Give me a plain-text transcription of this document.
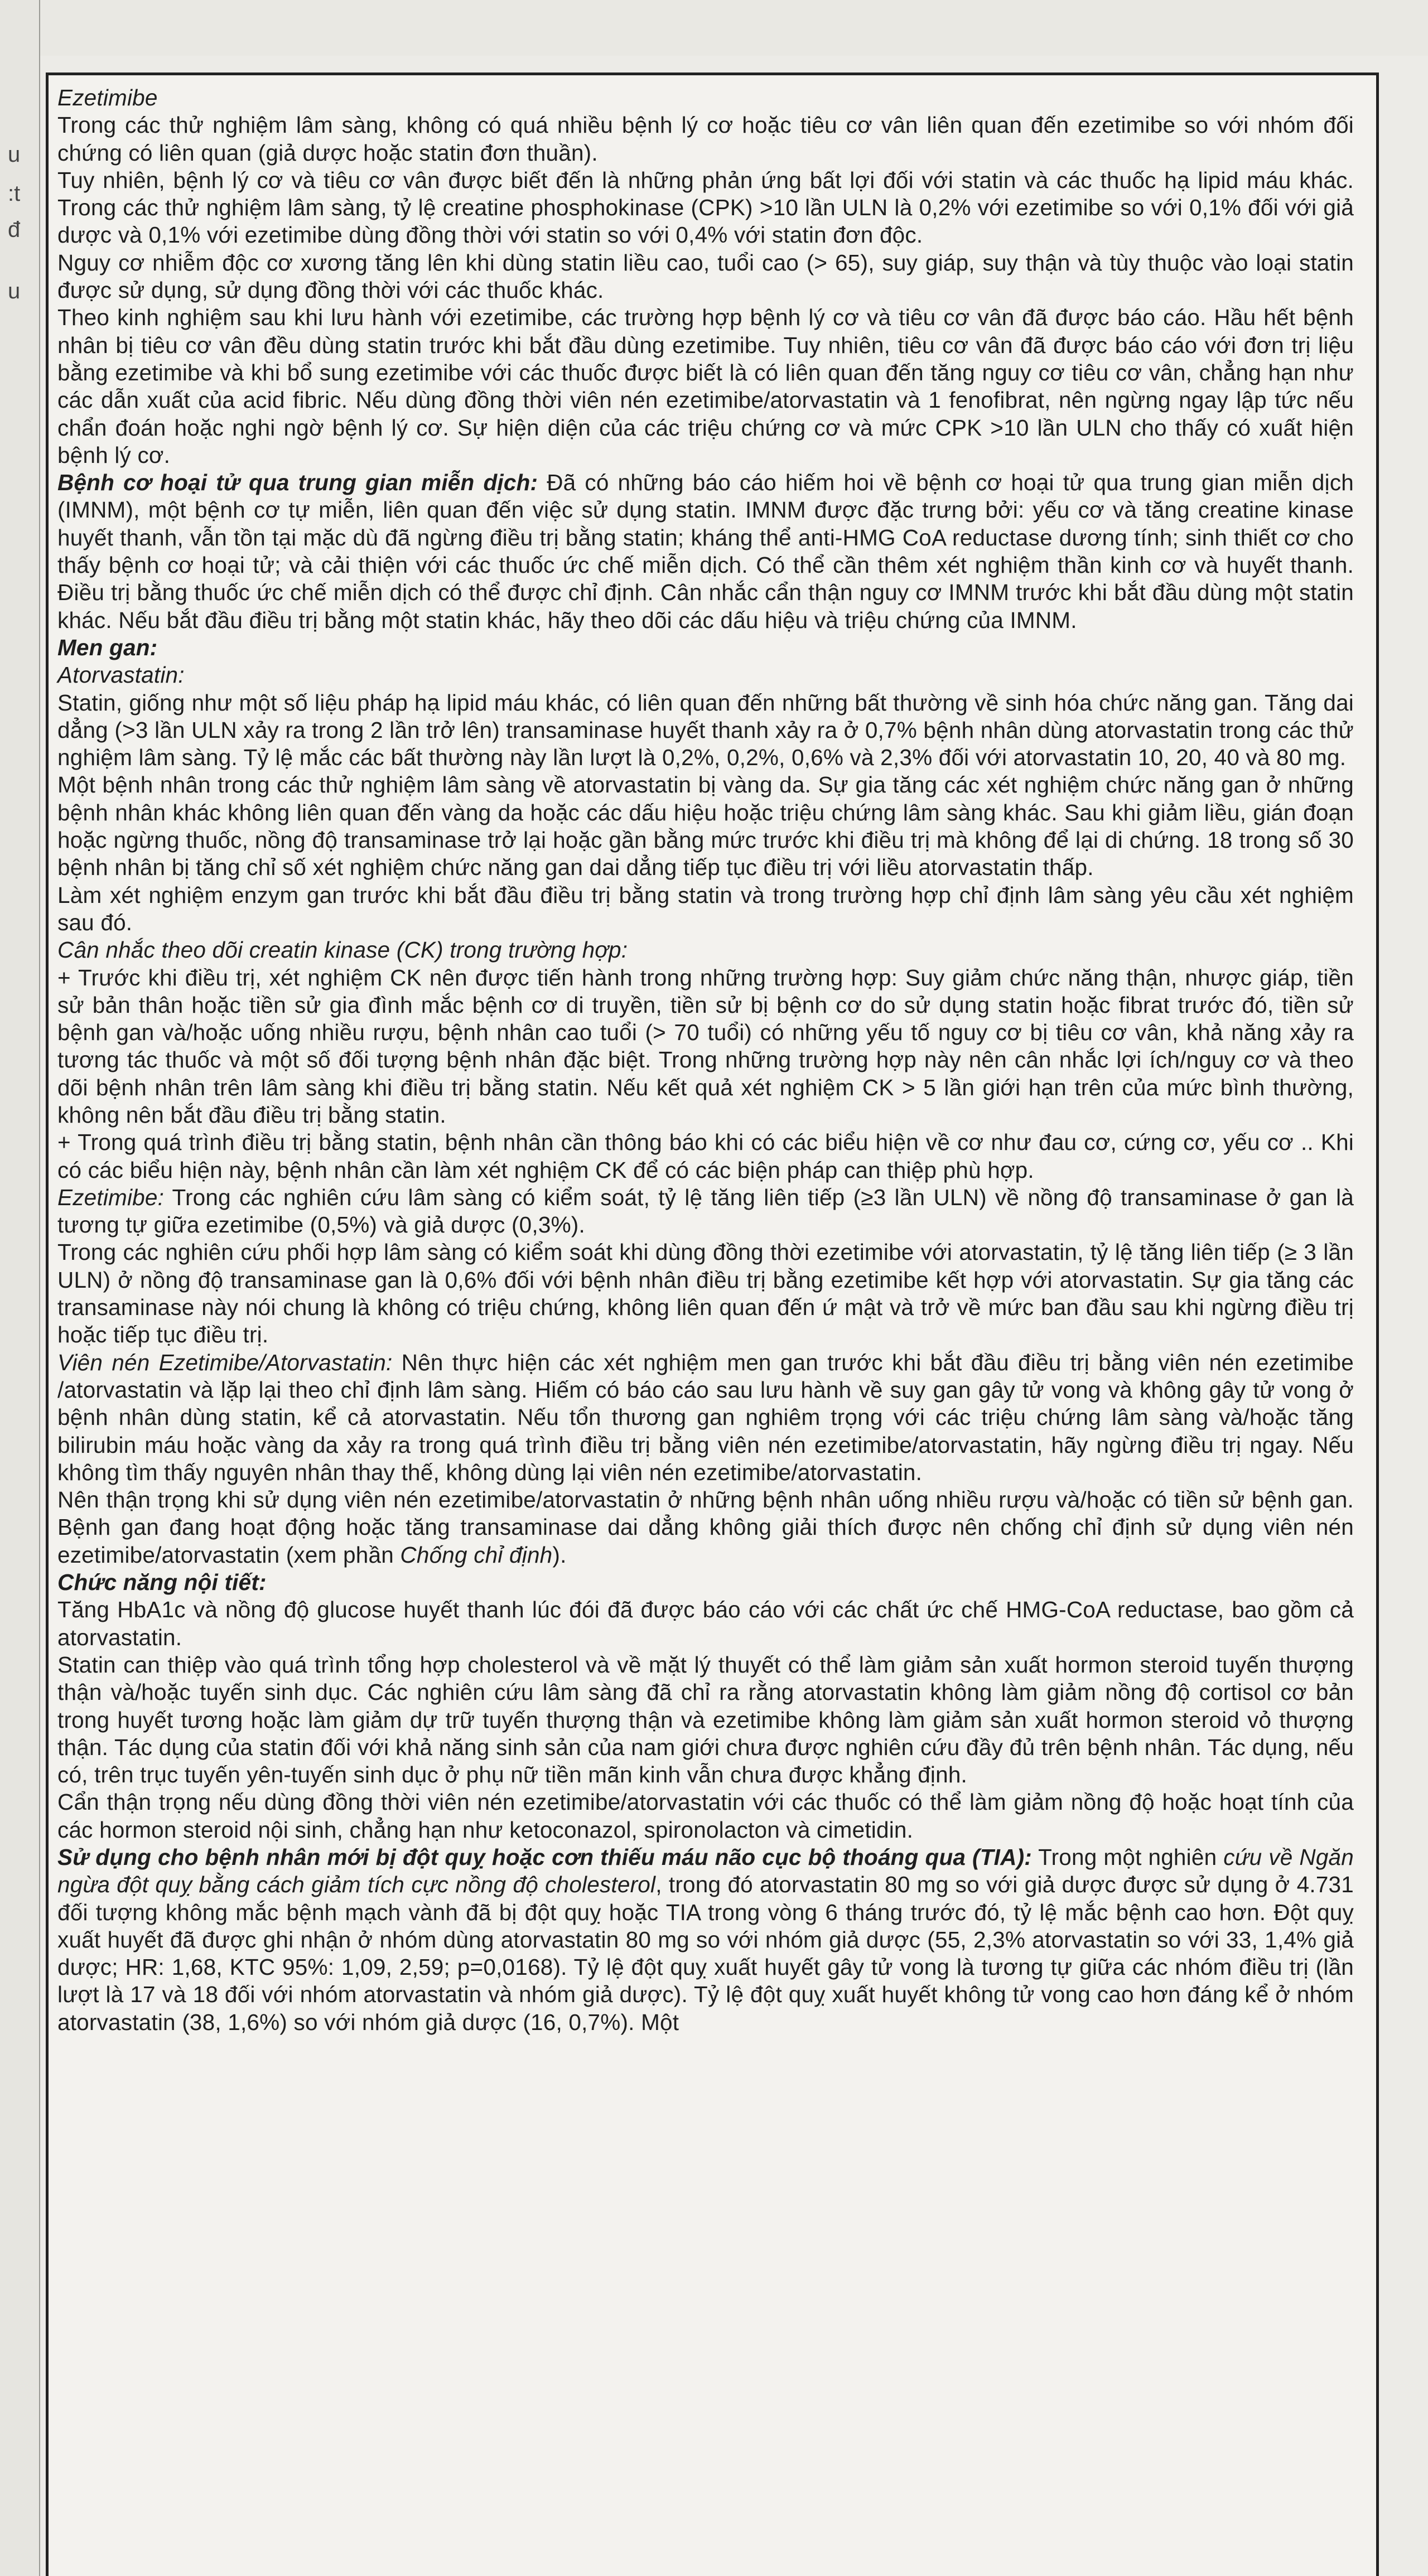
u
:t
đ
u

Ezetimibe

Trong các thử nghiệm lâm sàng, không có quá nhiều bệnh lý cơ hoặc tiêu cơ vân liên quan đến ezetimibe so với nhóm đối chứng có liên quan (giả dược hoặc statin đơn thuần).

Tuy nhiên, bệnh lý cơ và tiêu cơ vân được biết đến là những phản ứng bất lợi đối với statin và các thuốc hạ lipid máu khác. Trong các thử nghiệm lâm sàng, tỷ lệ creatine phosphokinase (CPK) >10 lần ULN là 0,2% với ezetimibe so với 0,1% đối với giả dược và 0,1% với ezetimibe dùng đồng thời với statin so với 0,4% với statin đơn độc.

Nguy cơ nhiễm độc cơ xương tăng lên khi dùng statin liều cao, tuổi cao (> 65), suy giáp, suy thận và tùy thuộc vào loại statin được sử dụng, sử dụng đồng thời với các thuốc khác.

Theo kinh nghiệm sau khi lưu hành với ezetimibe, các trường hợp bệnh lý cơ và tiêu cơ vân đã được báo cáo. Hầu hết bệnh nhân bị tiêu cơ vân đều dùng statin trước khi bắt đầu dùng ezetimibe. Tuy nhiên, tiêu cơ vân đã được báo cáo với đơn trị liệu bằng ezetimibe và khi bổ sung ezetimibe với các thuốc được biết là có liên quan đến tăng nguy cơ tiêu cơ vân, chẳng hạn như các dẫn xuất của acid fibric. Nếu dùng đồng thời viên nén ezetimibe/atorvastatin và 1 fenofibrat, nên ngừng ngay lập tức nếu chẩn đoán hoặc nghi ngờ bệnh lý cơ. Sự hiện diện của các triệu chứng cơ và mức CPK >10 lần ULN cho thấy có xuất hiện bệnh lý cơ.

Bệnh cơ hoại tử qua trung gian miễn dịch: Đã có những báo cáo hiếm hoi về bệnh cơ hoại tử qua trung gian miễn dịch (IMNM), một bệnh cơ tự miễn, liên quan đến việc sử dụng statin. IMNM được đặc trưng bởi: yếu cơ và tăng creatine kinase huyết thanh, vẫn tồn tại mặc dù đã ngừng điều trị bằng statin; kháng thể anti-HMG CoA reductase dương tính; sinh thiết cơ cho thấy bệnh cơ hoại tử; và cải thiện với các thuốc ức chế miễn dịch. Có thể cần thêm xét nghiệm thần kinh cơ và huyết thanh. Điều trị bằng thuốc ức chế miễn dịch có thể được chỉ định. Cân nhắc cẩn thận nguy cơ IMNM trước khi bắt đầu dùng một statin khác. Nếu bắt đầu điều trị bằng một statin khác, hãy theo dõi các dấu hiệu và triệu chứng của IMNM.

Men gan:

Atorvastatin:

Statin, giống như một số liệu pháp hạ lipid máu khác, có liên quan đến những bất thường về sinh hóa chức năng gan. Tăng dai dẳng (>3 lần ULN xảy ra trong 2 lần trở lên) transaminase huyết thanh xảy ra ở 0,7% bệnh nhân dùng atorvastatin trong các thử nghiệm lâm sàng. Tỷ lệ mắc các bất thường này lần lượt là 0,2%, 0,2%, 0,6% và 2,3% đối với atorvastatin 10, 20, 40 và 80 mg.

Một bệnh nhân trong các thử nghiệm lâm sàng về atorvastatin bị vàng da. Sự gia tăng các xét nghiệm chức năng gan ở những bệnh nhân khác không liên quan đến vàng da hoặc các dấu hiệu hoặc triệu chứng lâm sàng khác. Sau khi giảm liều, gián đoạn hoặc ngừng thuốc, nồng độ transaminase trở lại hoặc gần bằng mức trước khi điều trị mà không để lại di chứng. 18 trong số 30 bệnh nhân bị tăng chỉ số xét nghiệm chức năng gan dai dẳng tiếp tục điều trị với liều atorvastatin thấp.

Làm xét nghiệm enzym gan trước khi bắt đầu điều trị bằng statin và trong trường hợp chỉ định lâm sàng yêu cầu xét nghiệm sau đó.

Cân nhắc theo dõi creatin kinase (CK) trong trường hợp:

+ Trước khi điều trị, xét nghiệm CK nên được tiến hành trong những trường hợp: Suy giảm chức năng thận, nhược giáp, tiền sử bản thân hoặc tiền sử gia đình mắc bệnh cơ di truyền, tiền sử bị bệnh cơ do sử dụng statin hoặc fibrat trước đó, tiền sử bệnh gan và/hoặc uống nhiều rượu, bệnh nhân cao tuổi (> 70 tuổi) có những yếu tố nguy cơ bị tiêu cơ vân, khả năng xảy ra tương tác thuốc và một số đối tượng bệnh nhân đặc biệt. Trong những trường hợp này nên cân nhắc lợi ích/nguy cơ và theo dõi bệnh nhân trên lâm sàng khi điều trị bằng statin. Nếu kết quả xét nghiệm CK > 5 lần giới hạn trên của mức bình thường, không nên bắt đầu điều trị bằng statin.

+ Trong quá trình điều trị bằng statin, bệnh nhân cần thông báo khi có các biểu hiện về cơ như đau cơ, cứng cơ, yếu cơ .. Khi có các biểu hiện này, bệnh nhân cần làm xét nghiệm CK để có các biện pháp can thiệp phù hợp.

Ezetimibe: Trong các nghiên cứu lâm sàng có kiểm soát, tỷ lệ tăng liên tiếp (≥3 lần ULN) về nồng độ transaminase ở gan là tương tự giữa ezetimibe (0,5%) và giả dược (0,3%).

Trong các nghiên cứu phối hợp lâm sàng có kiểm soát khi dùng đồng thời ezetimibe với atorvastatin, tỷ lệ tăng liên tiếp (≥ 3 lần ULN) ở nồng độ transaminase gan là 0,6% đối với bệnh nhân điều trị bằng ezetimibe kết hợp với atorvastatin. Sự gia tăng các transaminase này nói chung là không có triệu chứng, không liên quan đến ứ mật và trở về mức ban đầu sau khi ngừng điều trị hoặc tiếp tục điều trị.

Viên nén Ezetimibe/Atorvastatin: Nên thực hiện các xét nghiệm men gan trước khi bắt đầu điều trị bằng viên nén ezetimibe /atorvastatin và lặp lại theo chỉ định lâm sàng. Hiếm có báo cáo sau lưu hành về suy gan gây tử vong và không gây tử vong ở bệnh nhân dùng statin, kể cả atorvastatin. Nếu tổn thương gan nghiêm trọng với các triệu chứng lâm sàng và/hoặc tăng bilirubin máu hoặc vàng da xảy ra trong quá trình điều trị bằng viên nén ezetimibe/atorvastatin, hãy ngừng điều trị ngay. Nếu không tìm thấy nguyên nhân thay thế, không dùng lại viên nén ezetimibe/atorvastatin.

Nên thận trọng khi sử dụng viên nén ezetimibe/atorvastatin ở những bệnh nhân uống nhiều rượu và/hoặc có tiền sử bệnh gan. Bệnh gan đang hoạt động hoặc tăng transaminase dai dẳng không giải thích được nên chống chỉ định sử dụng viên nén ezetimibe/atorvastatin (xem phần Chống chỉ định).

Chức năng nội tiết:

Tăng HbA1c và nồng độ glucose huyết thanh lúc đói đã được báo cáo với các chất ức chế HMG-CoA reductase, bao gồm cả atorvastatin.

Statin can thiệp vào quá trình tổng hợp cholesterol và về mặt lý thuyết có thể làm giảm sản xuất hormon steroid tuyến thượng thận và/hoặc tuyến sinh dục. Các nghiên cứu lâm sàng đã chỉ ra rằng atorvastatin không làm giảm nồng độ cortisol cơ bản trong huyết tương hoặc làm giảm dự trữ tuyến thượng thận và ezetimibe không làm giảm sản xuất hormon steroid vỏ thượng thận. Tác dụng của statin đối với khả năng sinh sản của nam giới chưa được nghiên cứu đầy đủ trên bệnh nhân. Tác dụng, nếu có, trên trục tuyến yên-tuyến sinh dục ở phụ nữ tiền mãn kinh vẫn chưa được khẳng định.

Cẩn thận trọng nếu dùng đồng thời viên nén ezetimibe/atorvastatin với các thuốc có thể làm giảm nồng độ hoặc hoạt tính của các hormon steroid nội sinh, chẳng hạn như ketoconazol, spironolacton và cimetidin.

Sử dụng cho bệnh nhân mới bị đột quỵ hoặc cơn thiếu máu não cục bộ thoáng qua (TIA): Trong một nghiên cứu về Ngăn ngừa đột quỵ bằng cách giảm tích cực nồng độ cholesterol, trong đó atorvastatin 80 mg so với giả dược được sử dụng ở 4.731 đối tượng không mắc bệnh mạch vành đã bị đột quỵ hoặc TIA trong vòng 6 tháng trước đó, tỷ lệ mắc bệnh cao hơn. Đột quỵ xuất huyết đã được ghi nhận ở nhóm dùng atorvastatin 80 mg so với nhóm giả dược (55, 2,3% atorvastatin so với 33, 1,4% giả dược; HR: 1,68, KTC 95%: 1,09, 2,59; p=0,0168). Tỷ lệ đột quỵ xuất huyết gây tử vong là tương tự giữa các nhóm điều trị (lần lượt là 17 và 18 đối với nhóm atorvastatin và nhóm giả dược). Tỷ lệ đột quỵ xuất huyết không tử vong cao hơn đáng kể ở nhóm atorvastatin (38, 1,6%) so với nhóm giả dược (16, 0,7%). Một
